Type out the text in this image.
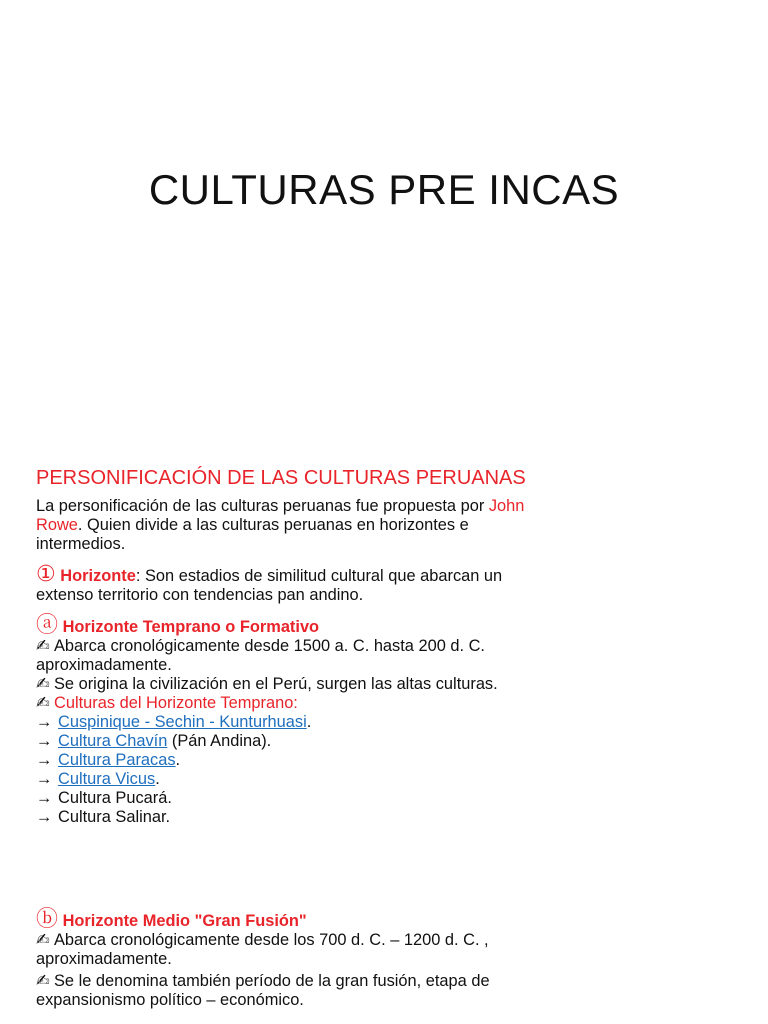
CULTURAS PRE INCAS
PERSONIFICACIÓN DE LAS CULTURAS PERUANAS

La personificación de las culturas peruanas fue propuesta por John Rowe. Quien divide a las culturas peruanas en horizontes e intermedios.

① Horizonte: Son estadios de similitud cultural que abarcan un extenso territorio con tendencias pan andino.

ⓐ Horizonte Temprano o Formativo

✍ Abarca cronológicamente desde 1500 a. C. hasta 200 d. C. aproximadamente.

✍ Se origina la civilización en el Perú, surgen las altas culturas.

✍ Culturas del Horizonte Temprano:

→ Cuspinique - Sechin - Kunturhuasi.

→ Cultura Chavín (Pán Andina).

→ Cultura Paracas.

→ Cultura Vicus.

→ Cultura Pucará.

→ Cultura Salinar.

ⓑ Horizonte Medio "Gran Fusión"

✍ Abarca cronológicamente desde los 700 d. C. – 1200 d. C. , aproximadamente.

✍ Se le denomina también período de la gran fusión, etapa de expansionismo político – económico.
